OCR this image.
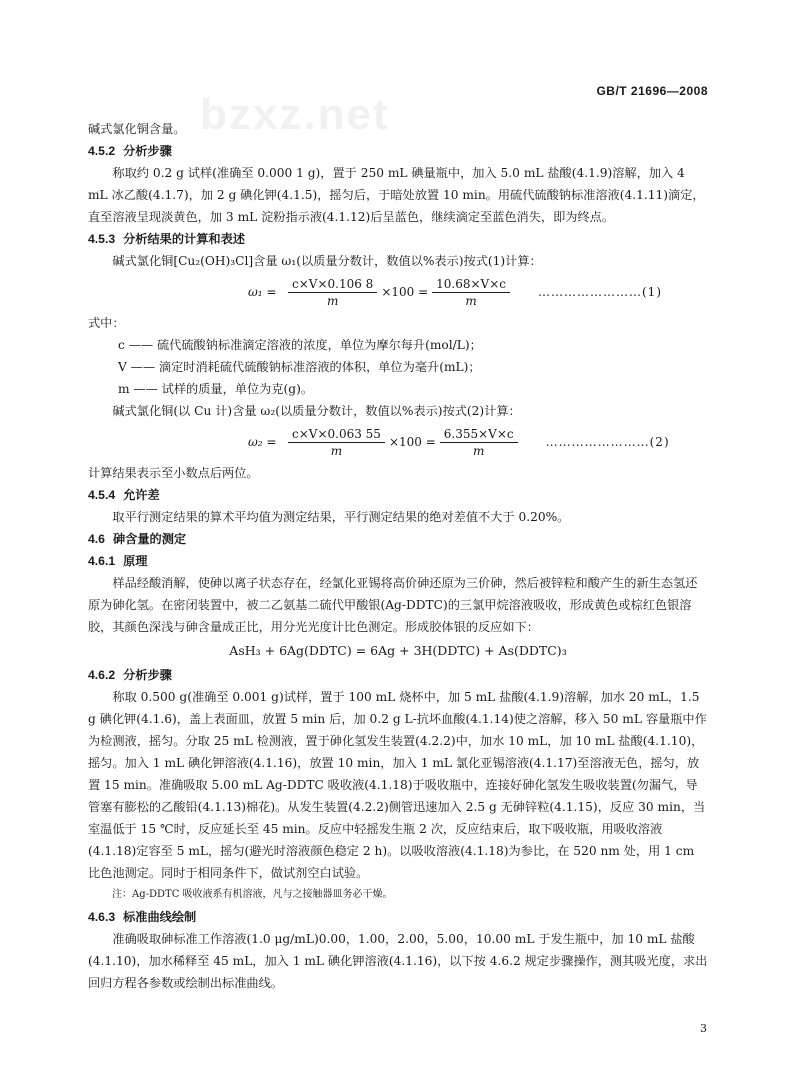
bzxz.net	GB/T 21696—2008

碱式氯化铜含量。

4.5.2 分析步骤

称取约 0.2 g 试样(准确至 0.000 1 g)，置于 250 mL 碘量瓶中，加入 5.0 mL 盐酸(4.1.9)溶解，加入 4 mL 冰乙酸(4.1.7)，加 2 g 碘化钾(4.1.5)，摇匀后，于暗处放置 10 min。用硫代硫酸钠标准溶液(4.1.11)滴定，直至溶液呈现淡黄色，加 3 mL 淀粉指示液(4.1.12)后呈蓝色，继续滴定至蓝色消失，即为终点。

4.5.3 分析结果的计算和表述

碱式氯化铜[Cu₂(OH)₃Cl]含量 ω₁(以质量分数计，数值以%表示)按式(1)计算：

$\omega_1 = \frac{c\times V\times 0.106 8}{m} \times 100 = \frac{10.68\times V\times c}{m}$ ……………………(1)

式中：

c —— 硫代硫酸钠标准滴定溶液的浓度，单位为摩尔每升(mol/L)；

V —— 滴定时消耗硫代硫酸钠标准溶液的体积，单位为毫升(mL)；

m —— 试样的质量，单位为克(g)。

碱式氯化铜(以 Cu 计)含量 ω₂(以质量分数计，数值以%表示)按式(2)计算：

$\omega_2 = \frac{c\times V\times 0.063 55}{m} \times 100 = \frac{6.355\times V\times c}{m}$ ……………………(2)

计算结果表示至小数点后两位。

4.5.4 允许差

取平行测定结果的算术平均值为测定结果，平行测定结果的绝对差值不大于 0.20%。

4.6 砷含量的测定

4.6.1 原理

样品经酸消解，使砷以离子状态存在，经氯化亚锡将高价砷还原为三价砷，然后被锌粒和酸产生的新生态氢还原为砷化氢。在密闭装置中，被二乙氨基二硫代甲酸银(Ag-DDTC)的三氯甲烷溶液吸收，形成黄色或棕红色银溶胶，其颜色深浅与砷含量成正比，用分光光度计比色测定。形成胶体银的反应如下：

AsH₃ + 6Ag(DDTC) = 6Ag + 3H(DDTC) + As(DDTC)₃

4.6.2 分析步骤

称取 0.500 g(准确至 0.001 g)试样，置于 100 mL 烧杯中，加 5 mL 盐酸(4.1.9)溶解，加水 20 mL，1.5 g 碘化钾(4.1.6)，盖上表面皿，放置 5 min 后，加 0.2 g L-抗坏血酸(4.1.14)使之溶解，移入 50 mL 容量瓶中作为检测液，摇匀。分取 25 mL 检测液，置于砷化氢发生装置(4.2.2)中，加水 10 mL，加 10 mL 盐酸(4.1.10)，摇匀。加入 1 mL 碘化钾溶液(4.1.16)，放置 10 min，加入 1 mL 氯化亚锡溶液(4.1.17)至溶液无色，摇匀，放置 15 min。准确吸取 5.00 mL Ag-DDTC 吸收液(4.1.18)于吸收瓶中，连接好砷化氢发生吸收装置(勿漏气，导管塞有膨松的乙酸铅(4.1.13)棉花)。从发生装置(4.2.2)侧管迅速加入 2.5 g 无砷锌粒(4.1.15)，反应 30 min，当室温低于 15 ℃时，反应延长至 45 min。反应中轻摇发生瓶 2 次，反应结束后，取下吸收瓶，用吸收溶液(4.1.18)定容至 5 mL，摇匀(避光时溶液颜色稳定 2 h)。以吸收溶液(4.1.18)为参比，在 520 nm 处，用 1 cm 比色池测定。同时于相同条件下，做试剂空白试验。

注：Ag-DDTC 吸收液系有机溶液，凡与之接触器皿务必干燥。

4.6.3 标准曲线绘制

准确吸取砷标准工作溶液(1.0 μg/mL)0.00，1.00，2.00，5.00，10.00 mL 于发生瓶中，加 10 mL 盐酸(4.1.10)，加水稀释至 45 mL，加入 1 mL 碘化钾溶液(4.1.16)，以下按 4.6.2 规定步骤操作，测其吸光度，求出回归方程各参数或绘制出标准曲线。

3
